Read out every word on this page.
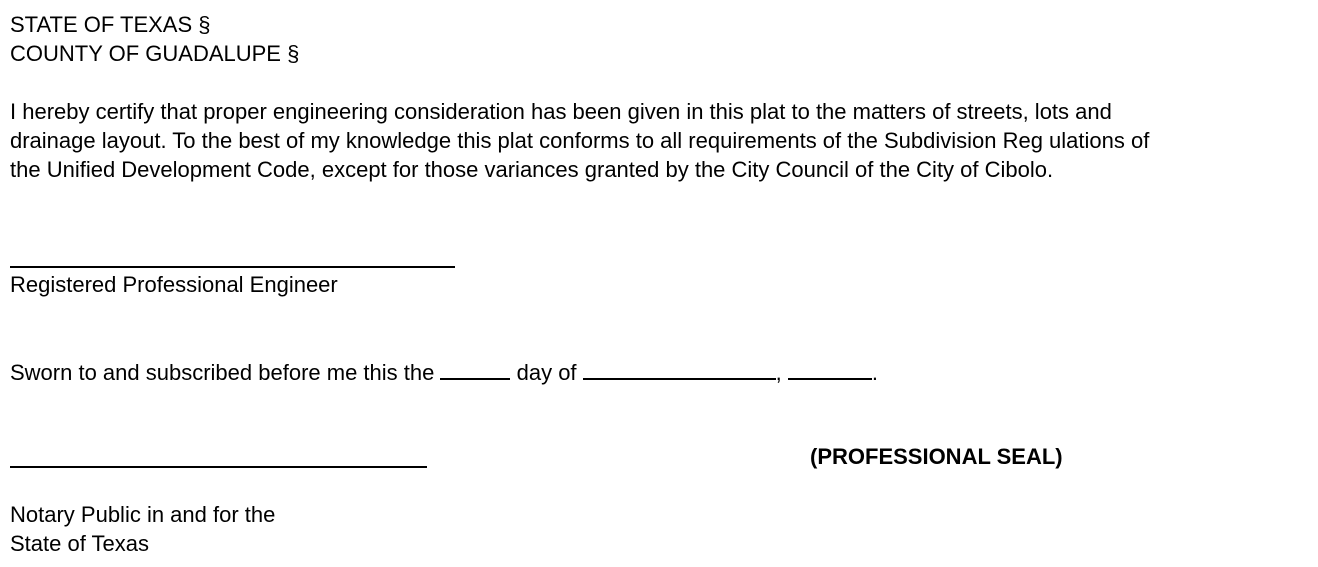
STATE OF TEXAS §
COUNTY OF GUADALUPE §
I hereby certify that proper engineering consideration has been given in this plat to the matters of streets, lots and
drainage layout. To the best of my knowledge this plat conforms to all requirements of the Subdivision Reg ulations of
the Unified Development Code, except for those variances granted by the City Council of the City of Cibolo.
Registered Professional Engineer
Sworn to and subscribed before me this the	day of	,	.
(PROFESSIONAL SEAL)
Notary Public in and for the
State of Texas
